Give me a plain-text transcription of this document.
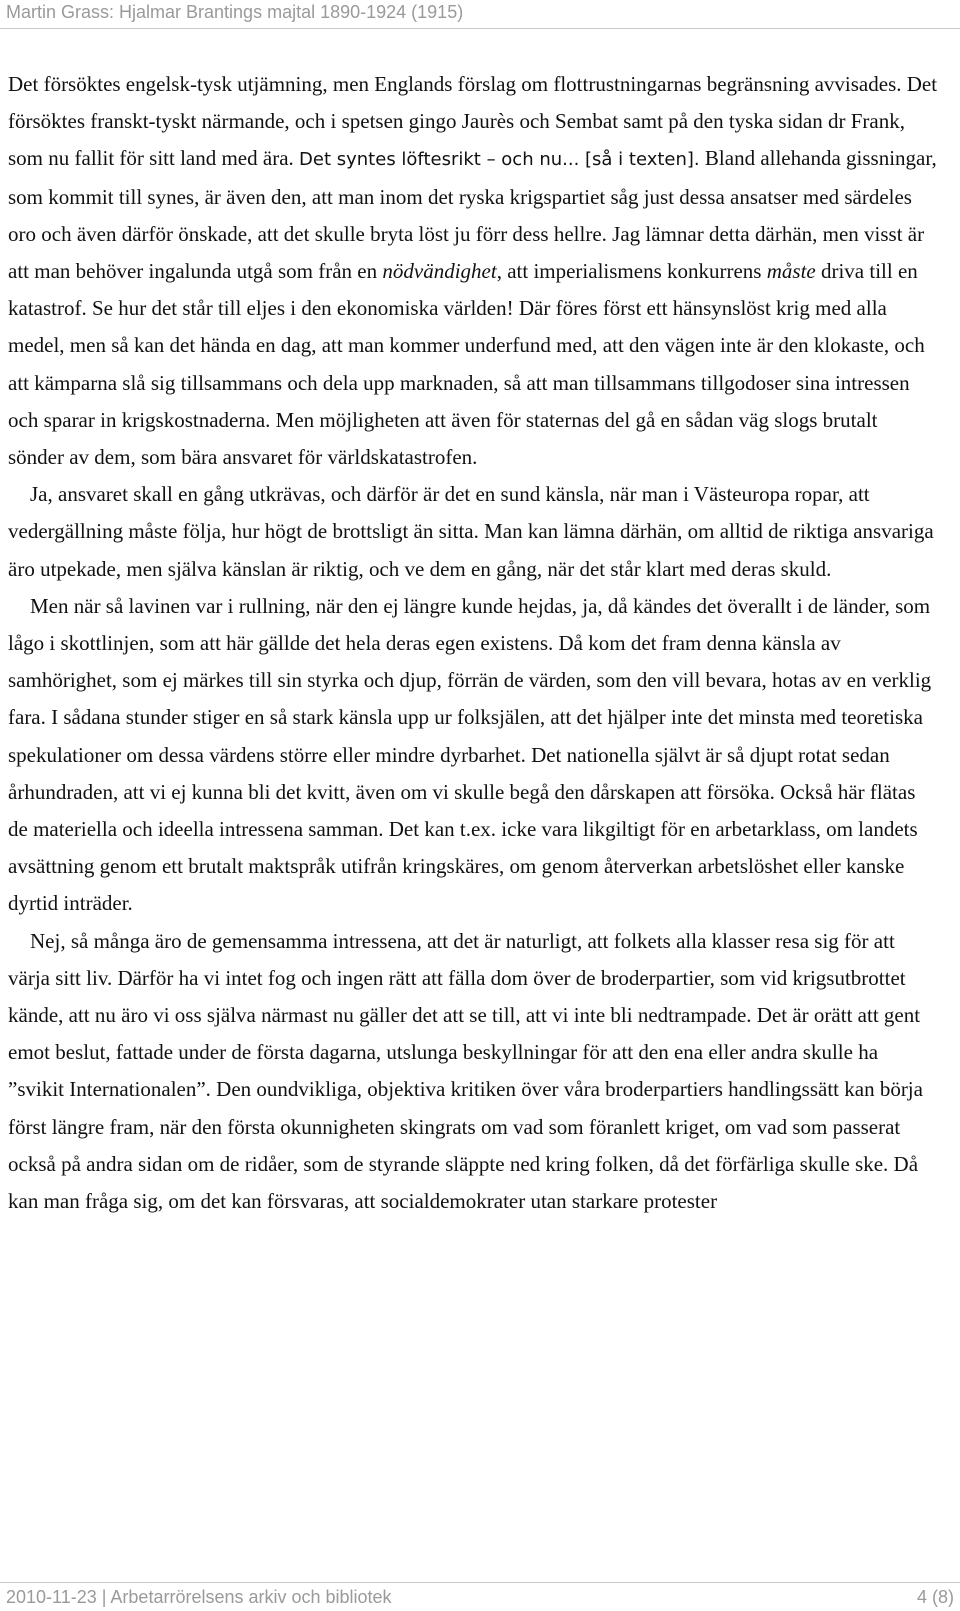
Martin Grass: Hjalmar Brantings majtal 1890-1924 (1915)

Det försöktes engelsk-tysk utjämning, men Englands förslag om flottrustningarnas begränsning avvisades. Det försöktes franskt-tyskt närmande, och i spetsen gingo Jaurès och Sembat samt på den tyska sidan dr Frank, som nu fallit för sitt land med ära. Det syntes löftesrikt – och nu... [så i texten]. Bland allehanda gissningar, som kommit till synes, är även den, att man inom det ryska krigspartiet såg just dessa ansatser med särdeles oro och även därför önskade, att det skulle bryta löst ju förr dess hellre. Jag lämnar detta därhän, men visst är att man behöver ingalunda utgå som från en nödvändighet, att imperialismens konkurrens måste driva till en katastrof. Se hur det står till eljes i den ekonomiska världen! Där föres först ett hänsynslöst krig med alla medel, men så kan det hända en dag, att man kommer underfund med, att den vägen inte är den klokaste, och att kämparna slå sig tillsammans och dela upp marknaden, så att man tillsammans tillgodoser sina intressen och sparar in krigskostnaderna. Men möjligheten att även för staternas del gå en sådan väg slogs brutalt sönder av dem, som bära ansvaret för världskatastrofen.

Ja, ansvaret skall en gång utkrävas, och därför är det en sund känsla, när man i Västeuropa ropar, att vedergällning måste följa, hur högt de brottsligt än sitta. Man kan lämna därhän, om alltid de riktiga ansvariga äro utpekade, men själva känslan är riktig, och ve dem en gång, när det står klart med deras skuld.

Men när så lavinen var i rullning, när den ej längre kunde hejdas, ja, då kändes det överallt i de länder, som lågo i skottlinjen, som att här gällde det hela deras egen existens. Då kom det fram denna känsla av samhörighet, som ej märkes till sin styrka och djup, förrän de värden, som den vill bevara, hotas av en verklig fara. I sådana stunder stiger en så stark känsla upp ur folksjälen, att det hjälper inte det minsta med teoretiska spekulationer om dessa värdens större eller mindre dyrbarhet. Det nationella självt är så djupt rotat sedan århundraden, att vi ej kunna bli det kvitt, även om vi skulle begå den dårskapen att försöka. Också här flätas de materiella och ideella intressena samman. Det kan t.ex. icke vara likgiltigt för en arbetarklass, om landets avsättning genom ett brutalt maktspråk utifrån kringskäres, om genom återverkan arbetslöshet eller kanske dyrtid inträder.

Nej, så många äro de gemensamma intressena, att det är naturligt, att folkets alla klasser resa sig för att värja sitt liv. Därför ha vi intet fog och ingen rätt att fälla dom över de broderpartier, som vid krigsutbrottet kände, att nu äro vi oss själva närmast nu gäller det att se till, att vi inte bli nedtrampade. Det är orätt att gent emot beslut, fattade under de första dagarna, utslunga beskyllningar för att den ena eller andra skulle ha ”svikit Internationalen”. Den oundvikliga, objektiva kritiken över våra broderpartiers handlingssätt kan börja först längre fram, när den första okunnigheten skingrats om vad som föranlett kriget, om vad som passerat också på andra sidan om de ridåer, som de styrande släppte ned kring folken, då det förfärliga skulle ske. Då kan man fråga sig, om det kan försvaras, att socialdemokrater utan starkare protester

2010-11-23 | Arbetarrörelsens arkiv och bibliotek	4 (8)
